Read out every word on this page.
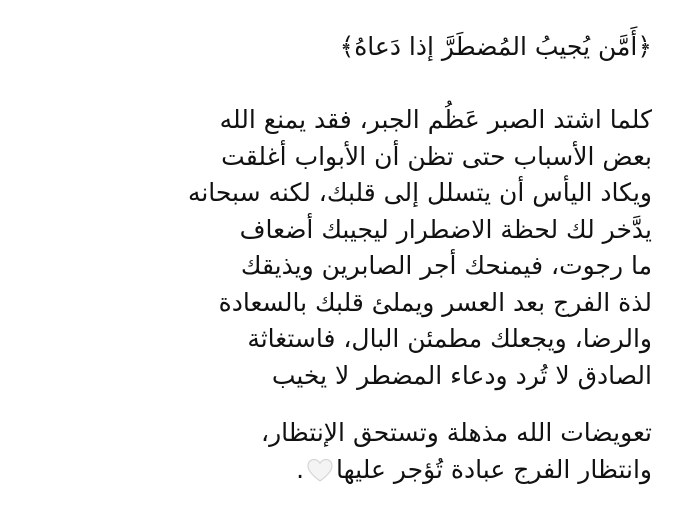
﴿أَمَّن يُجيبُ المُضطَرَّ إذا دَعاهُ﴾
كلما اشتد الصبر عَظُم الجبر، فقد يمنع الله
بعض الأسباب حتى تظن أن الأبواب أغلقت
ويكاد اليأس أن يتسلل إلى قلبك، لكنه سبحانه
يدَّخر لك لحظة الاضطرار ليجيبك أضعاف
ما رجوت، فيمنحك أجر الصابرين ويذيقك
لذة الفرج بعد العسر ويملئ قلبك بالسعادة
والرضا، ويجعلك مطمئن البال، فاستغاثة
الصادق لا تُرد ودعاء المضطر لا يخيب
تعويضات الله مذهلة وتستحق الإنتظار،
وانتظار الفرج عبادة تُؤجر عليها
.
